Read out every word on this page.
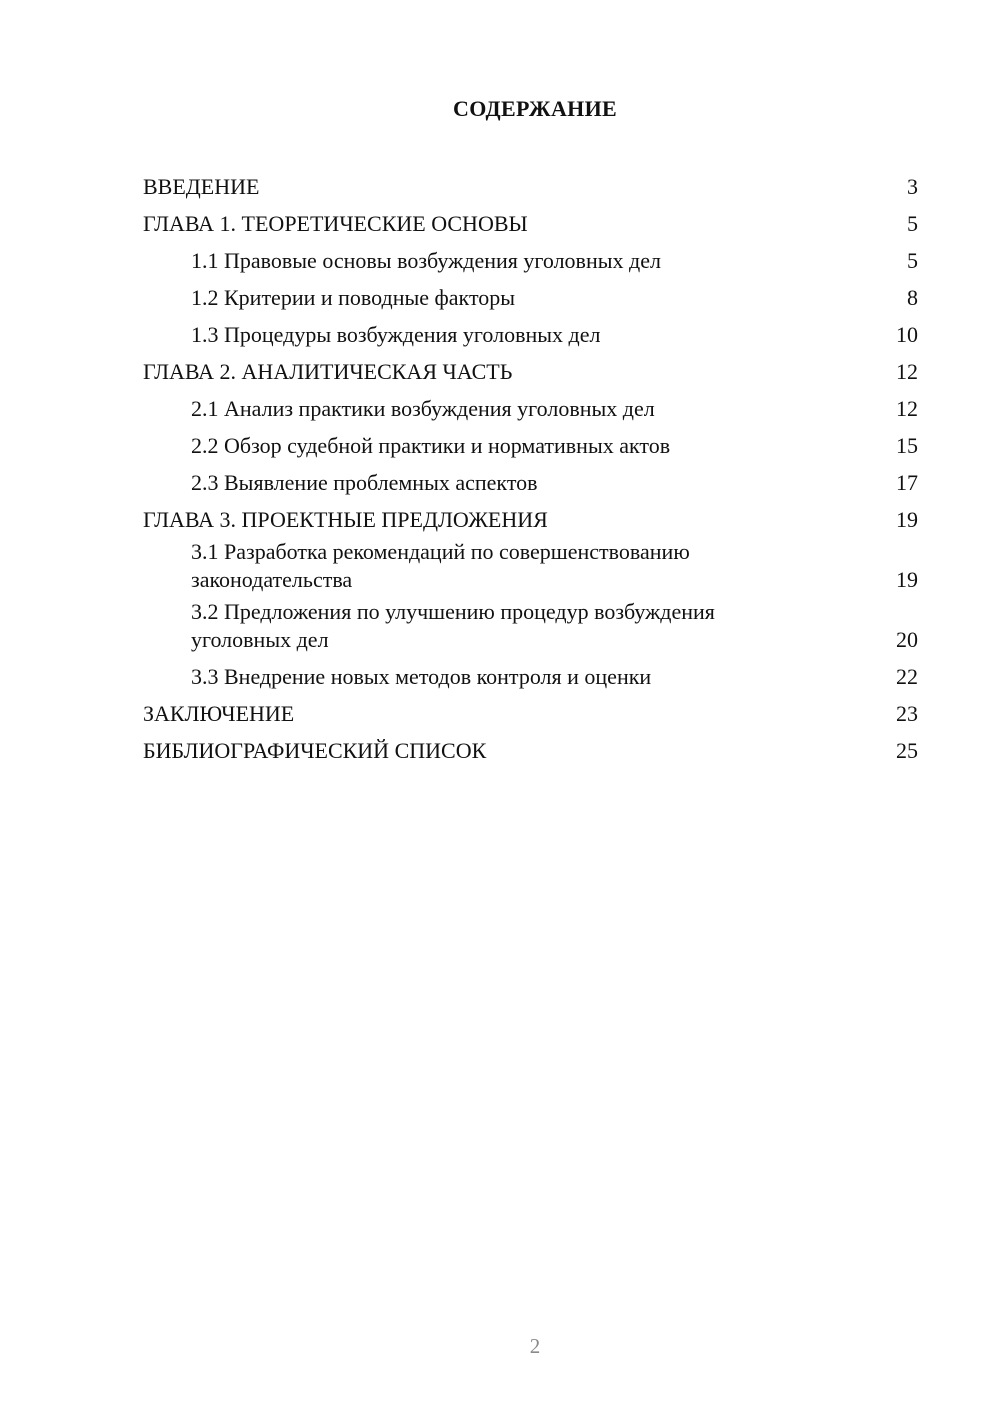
СОДЕРЖАНИЕ
ВВЕДЕНИЕ	3
ГЛАВА 1. ТЕОРЕТИЧЕСКИЕ ОСНОВЫ	5
1.1 Правовые основы возбуждения уголовных дел	5
1.2 Критерии и поводные факторы	8
1.3 Процедуры возбуждения уголовных дел	10
ГЛАВА 2. АНАЛИТИЧЕСКАЯ ЧАСТЬ	12
2.1 Анализ практики возбуждения уголовных дел	12
2.2 Обзор судебной практики и нормативных актов	15
2.3 Выявление проблемных аспектов	17
ГЛАВА 3. ПРОЕКТНЫЕ ПРЕДЛОЖЕНИЯ	19
3.1 Разработка рекомендаций по совершенствованию законодательства	19
3.2 Предложения по улучшению процедур возбуждения уголовных дел	20
3.3 Внедрение новых методов контроля и оценки	22
ЗАКЛЮЧЕНИЕ	23
БИБЛИОГРАФИЧЕСКИЙ СПИСОК	25
2
